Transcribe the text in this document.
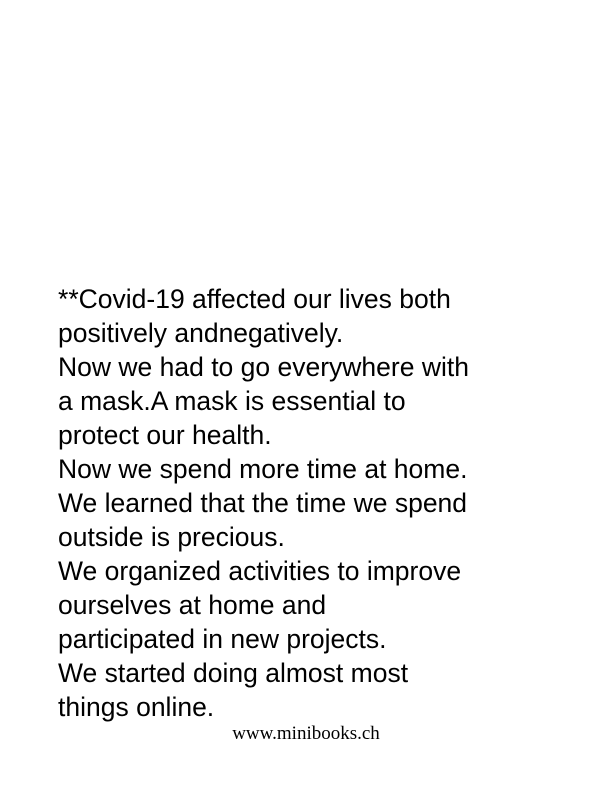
**Covid-19 affected our lives both
positively andnegatively.
Now we had to go everywhere with
a mask.A mask is essential to
protect our health.
Now we spend more time at home.
We learned that the time we spend
outside is precious.
We organized activities to improve
ourselves at home and
participated in new projects.
We started doing almost most
things online.
www.minibooks.ch
